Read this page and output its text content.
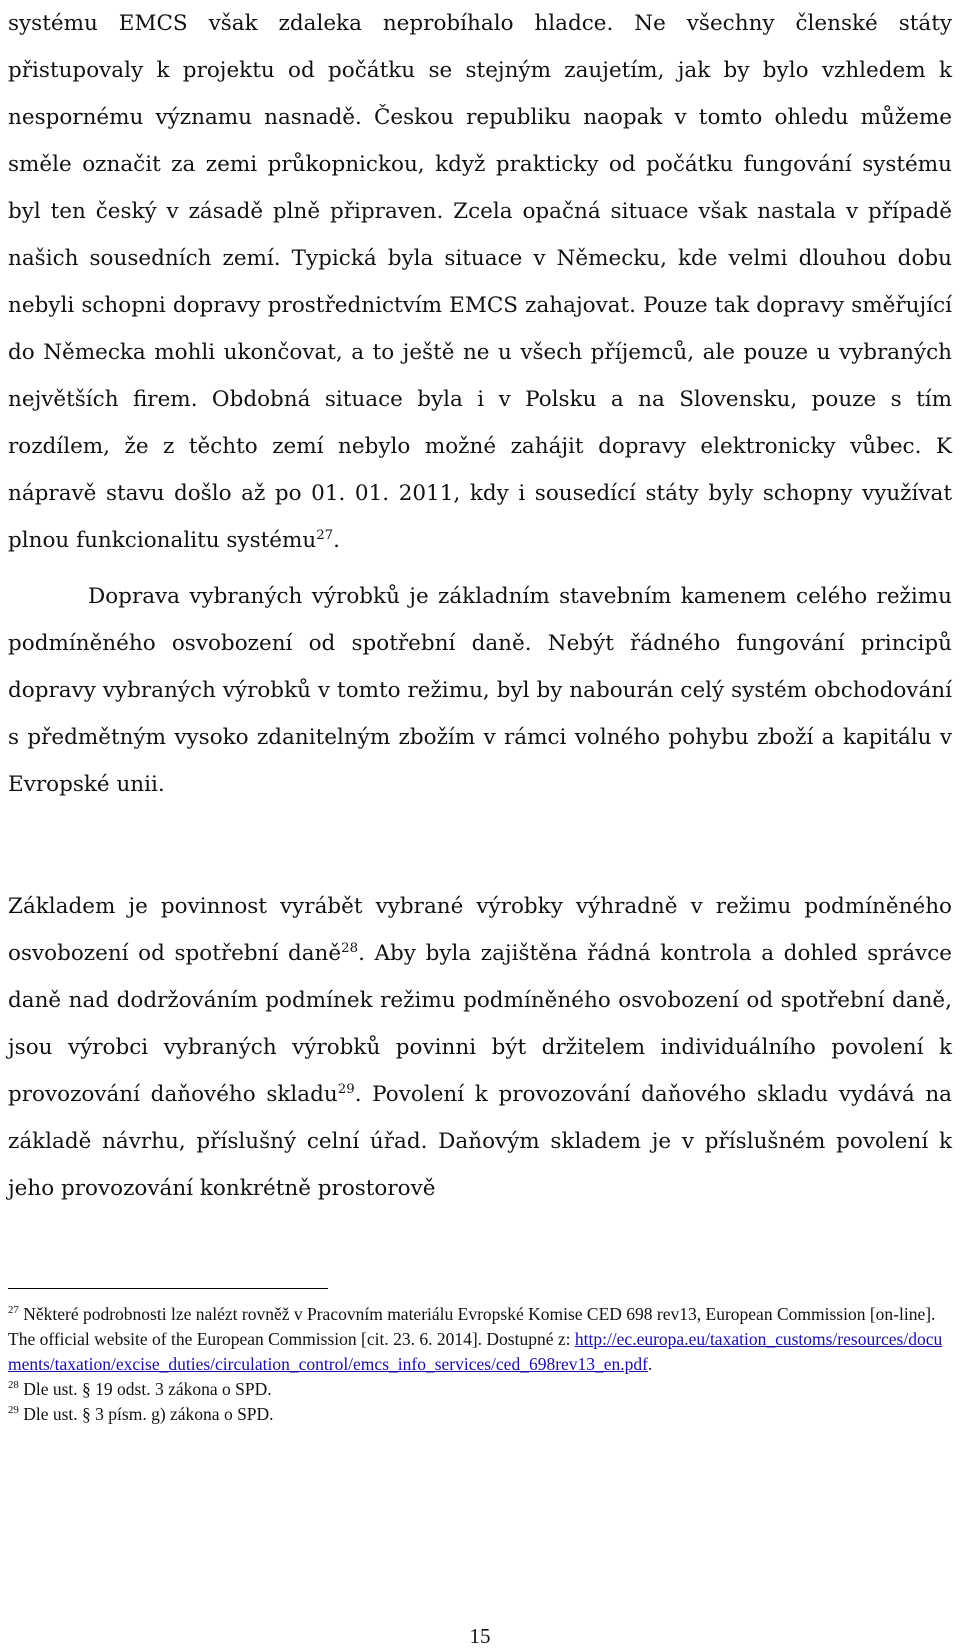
systému EMCS však zdaleka neprobíhalo hladce. Ne všechny členské státy přistupovaly k projektu od počátku se stejným zaujetím, jak by bylo vzhledem k nespornému významu nasnadě. Českou republiku naopak v tomto ohledu můžeme směle označit za zemi průkopnickou, když prakticky od počátku fungování systému byl ten český v zásadě plně připraven. Zcela opačná situace však nastala v případě našich sousedních zemí. Typická byla situace v Německu, kde velmi dlouhou dobu nebyli schopni dopravy prostřednictvím EMCS zahajovat. Pouze tak dopravy směřující do Německa mohli ukončovat, a to ještě ne u všech příjemců, ale pouze u vybraných největších firem. Obdobná situace byla i v Polsku a na Slovensku, pouze s tím rozdílem, že z těchto zemí nebylo možné zahájit dopravy elektronicky vůbec. K nápravě stavu došlo až po 01. 01. 2011, kdy i sousedící státy byly schopny využívat plnou funkcionalitu systému$^{27}$.

Doprava vybraných výrobků je základním stavebním kamenem celého režimu podmíněného osvobození od spotřební daně. Nebýt řádného fungování principů dopravy vybraných výrobků v tomto režimu, byl by nabourán celý systém obchodování s předmětným vysoko zdanitelným zbožím v rámci volného pohybu zboží a kapitálu v Evropské unii.

Základem je povinnost vyrábět vybrané výrobky výhradně v režimu podmíněného osvobození od spotřební daně$^{28}$. Aby byla zajištěna řádná kontrola a dohled správce daně nad dodržováním podmínek režimu podmíněného osvobození od spotřební daně, jsou výrobci vybraných výrobků povinni být držitelem individuálního povolení k provozování daňového skladu$^{29}$. Povolení k provozování daňového skladu vydává na základě návrhu, příslušný celní úřad. Daňovým skladem je v příslušném povolení k jeho provozování konkrétně prostorově

$^{27}$ Některé podrobnosti lze nalézt rovněž v Pracovním materiálu Evropské Komise CED 698 rev13, European Commission [on-line]. The official website of the European Commission [cit. 23. 6. 2014]. Dostupné z: http://ec.europa.eu/taxation_customs/resources/documents/taxation/excise_duties/circulation_control/emcs_info_services/ced_698rev13_en.pdf.

$^{28}$ Dle ust. § 19 odst. 3 zákona o SPD.

$^{29}$ Dle ust. § 3 písm. g) zákona o SPD.

15
